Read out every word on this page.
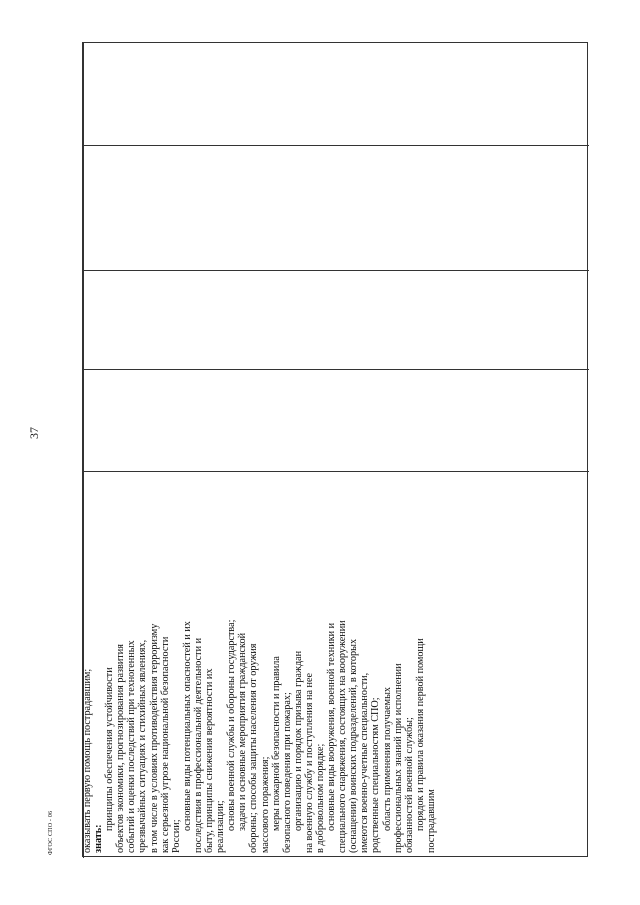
37
оказывать первую помощь пострадавшим; знать:
принципы обеспечения устойчивости объектов экономики, прогнозирования развития событий и оценки последствий при техногенных чрезвычайных ситуациях и стихийных явлениях, в том числе в условиях противодействия терроризму как серьезной угрозе национальной безопасности России;
основные виды потенциальных опасностей и их последствия в профессиональной деятельности и быту, принципы снижения вероятности их реализации; основы военной службы и обороны государства; задачи и основные мероприятия гражданской обороны; способы защиты населения от оружия массового поражения; меры пожарной безопасности и правила безопасного поведения при пожарах; организацию и порядок призыва граждан на военную службу и поступления на нее в добровольном порядке; основные виды вооружения, военной техники и специального снаряжения, состоящих на вооружении (оснащении) воинских подразделений, в которых имеются военно-учетные специальности, родственные специальностям СПО; область применения получаемых профессиональных знаний при исполнении обязанностей военной службы; порядок и правила оказания первой помощи пострадавшим
ФГОС СПО - 06
